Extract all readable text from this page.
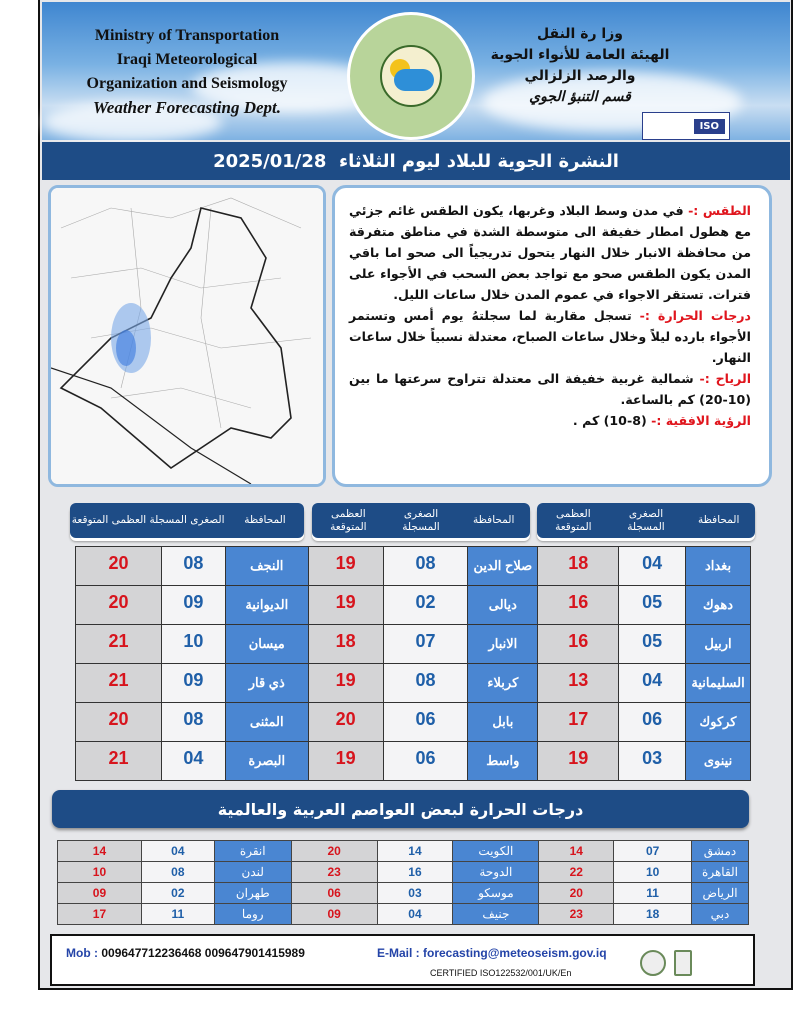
Ministry of Transportation
Iraqi Meteorological
Organization and Seismology
Weather Forecasting Dept.
وزا رة النقل
الهيئة العامة للأنواء الجوية
والرصد الزلزالي
قسم التنبؤ الجوي
ISO
النشرة الجوية للبلاد ليوم الثلاثاء

2025/01/28

الطقس :- في مدن وسط البلاد وغربها، يكون الطقس غائم جزئي مع هطول امطار خفيفة الى متوسطة الشدة في مناطق متفرقة من محافظة الانبار خلال النهار يتحول تدريجياً الى صحو اما باقي المدن يكون الطقس صحو مع تواجد بعض السحب في الأجواء على فترات. تستقر الاجواء في عموم المدن خلال ساعات الليل.

درجات الحرارة :- تسجل مقاربة لما سجلتهُ يوم أمس وتستمر الأجواء بارده ليلاً وخلال ساعات الصباح، معتدلة نسبياً خلال ساعات النهار.

الرياح :- شمالية غربية خفيفة الى معتدلة تتراوح سرعتها ما بين (10-20) كم بالساعة.

الرؤية الافقية :- (8-10) كم .

المحافظة
الصغرى المسجلة
العظمى المتوقعة
المحافظة
الصغرى المسجلة
العظمى المتوقعة
المحافظة
الصغرى المسجلة
العظمى المتوقعة
بغداد	04	18	صلاح الدين	08	19	النجف	08	20
دهوك	05	16	ديالى	02	19	الديوانية	09	20
اربيل	05	16	الانبار	07	18	ميسان	10	21
السليمانية	04	13	كربلاء	08	19	ذي قار	09	21
كركوك	06	17	بابل	06	20	المثنى	08	20
نينوى	03	19	واسط	06	19	البصرة	04	21
درجات الحرارة لبعض العواصم العربية والعالمية
دمشق	07	14	الكويت	14	20	انقرة	04	14
القاهرة	10	22	الدوحة	16	23	لندن	08	10
الرياض	11	20	موسكو	03	06	طهران	02	09
دبي	18	23	جنيف	04	09	روما	11	17
Mob : 009647712236468 009647901415989	E-Mail : forecasting@meteoseism.gov.iq
CERTIFIED ISO122532/001/UK/En
